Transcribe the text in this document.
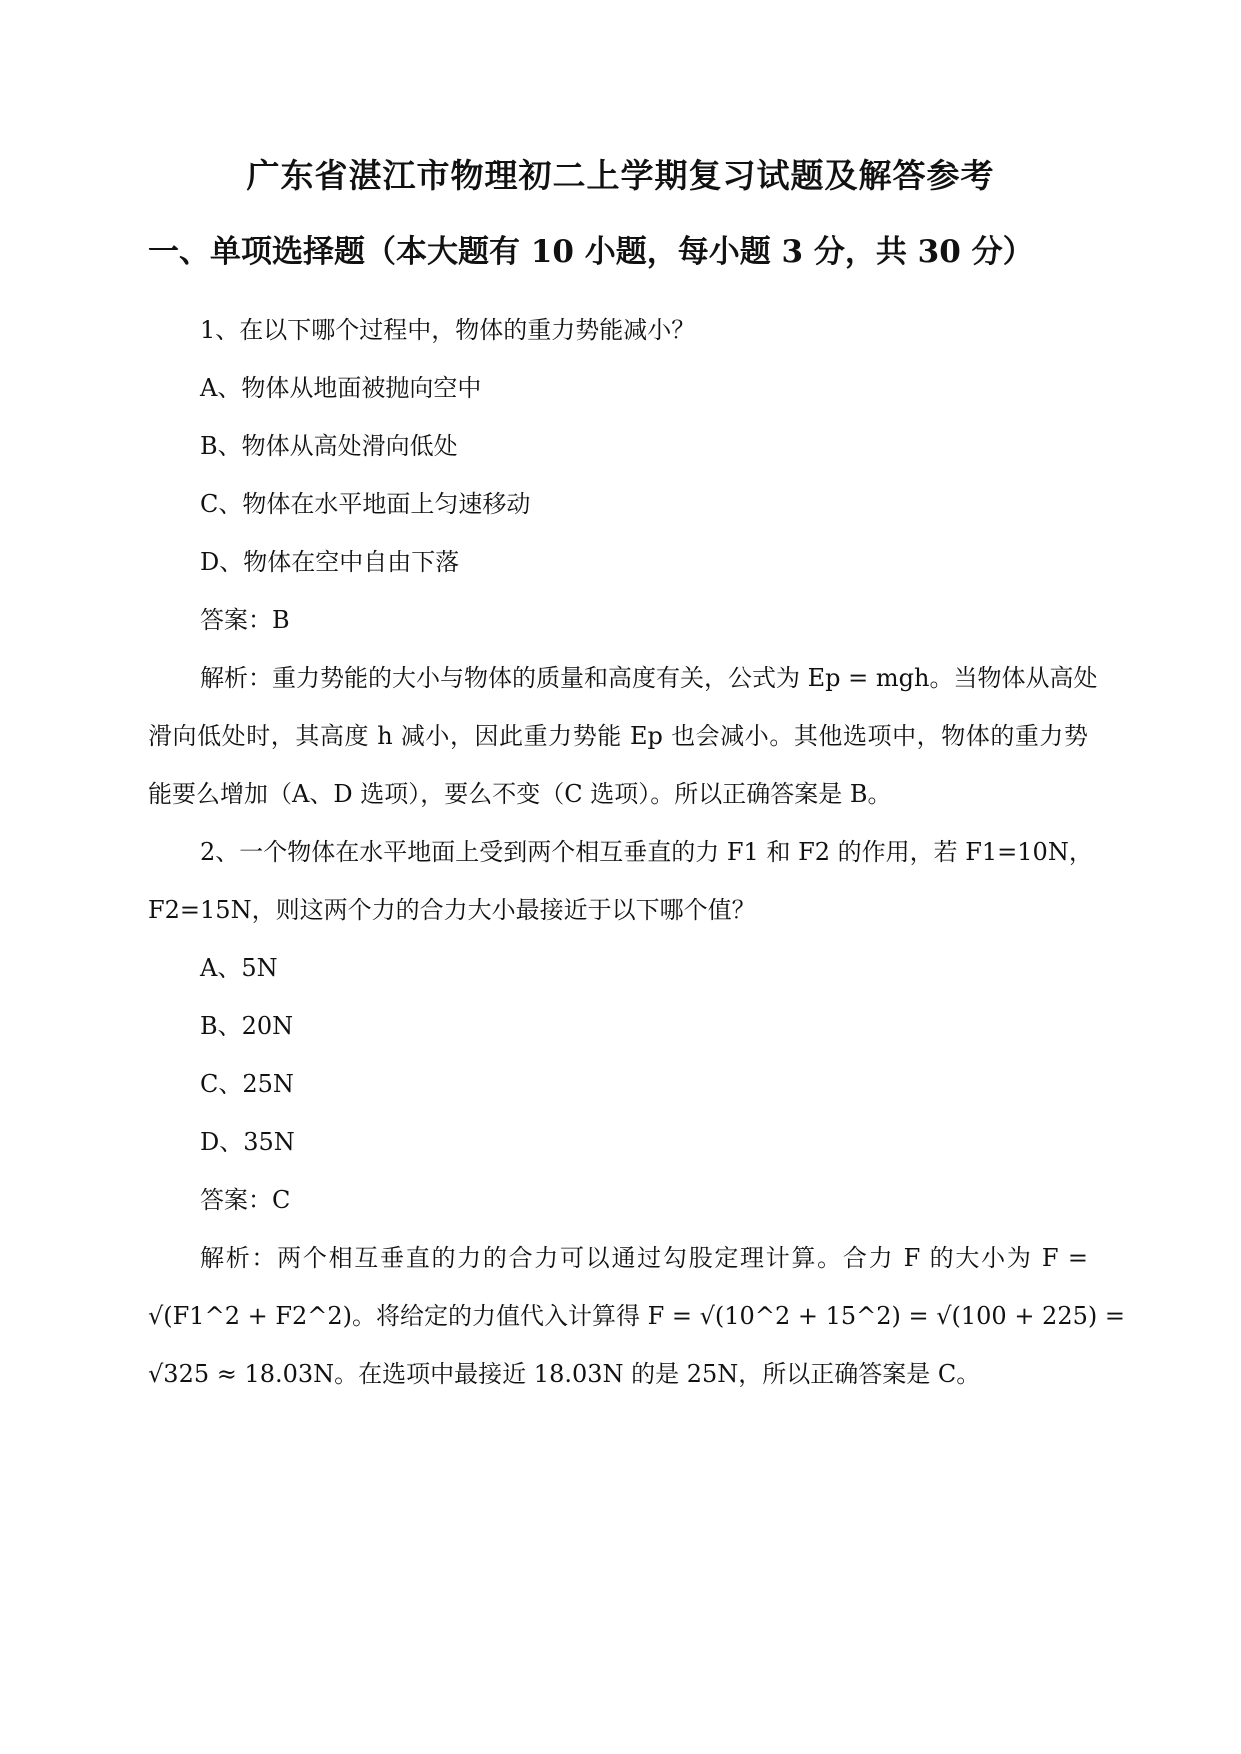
广东省湛江市物理初二上学期复习试题及解答参考
一、单项选择题（本大题有 10 小题，每小题 3 分，共 30 分）
1、在以下哪个过程中，物体的重力势能减小？
A、物体从地面被抛向空中
B、物体从高处滑向低处
C、物体在水平地面上匀速移动
D、物体在空中自由下落
答案：B
解析：重力势能的大小与物体的质量和高度有关，公式为 Ep = mgh。当物体从高处
滑向低处时，其高度 h 减小，因此重力势能 Ep 也会减小。其他选项中，物体的重力势
能要么增加（A、D 选项），要么不变（C 选项）。所以正确答案是 B。
2、一个物体在水平地面上受到两个相互垂直的力 F1 和 F2 的作用，若 F1=10N，
F2=15N，则这两个力的合力大小最接近于以下哪个值？
A、5N
B、20N
C、25N
D、35N
答案：C
解析：两个相互垂直的力的合力可以通过勾股定理计算。合力 F 的大小为 F =
√(F1^2 + F2^2)。将给定的力值代入计算得 F = √(10^2 + 15^2) = √(100 + 225) =
√325 ≈ 18.03N。在选项中最接近 18.03N 的是 25N，所以正确答案是 C。
